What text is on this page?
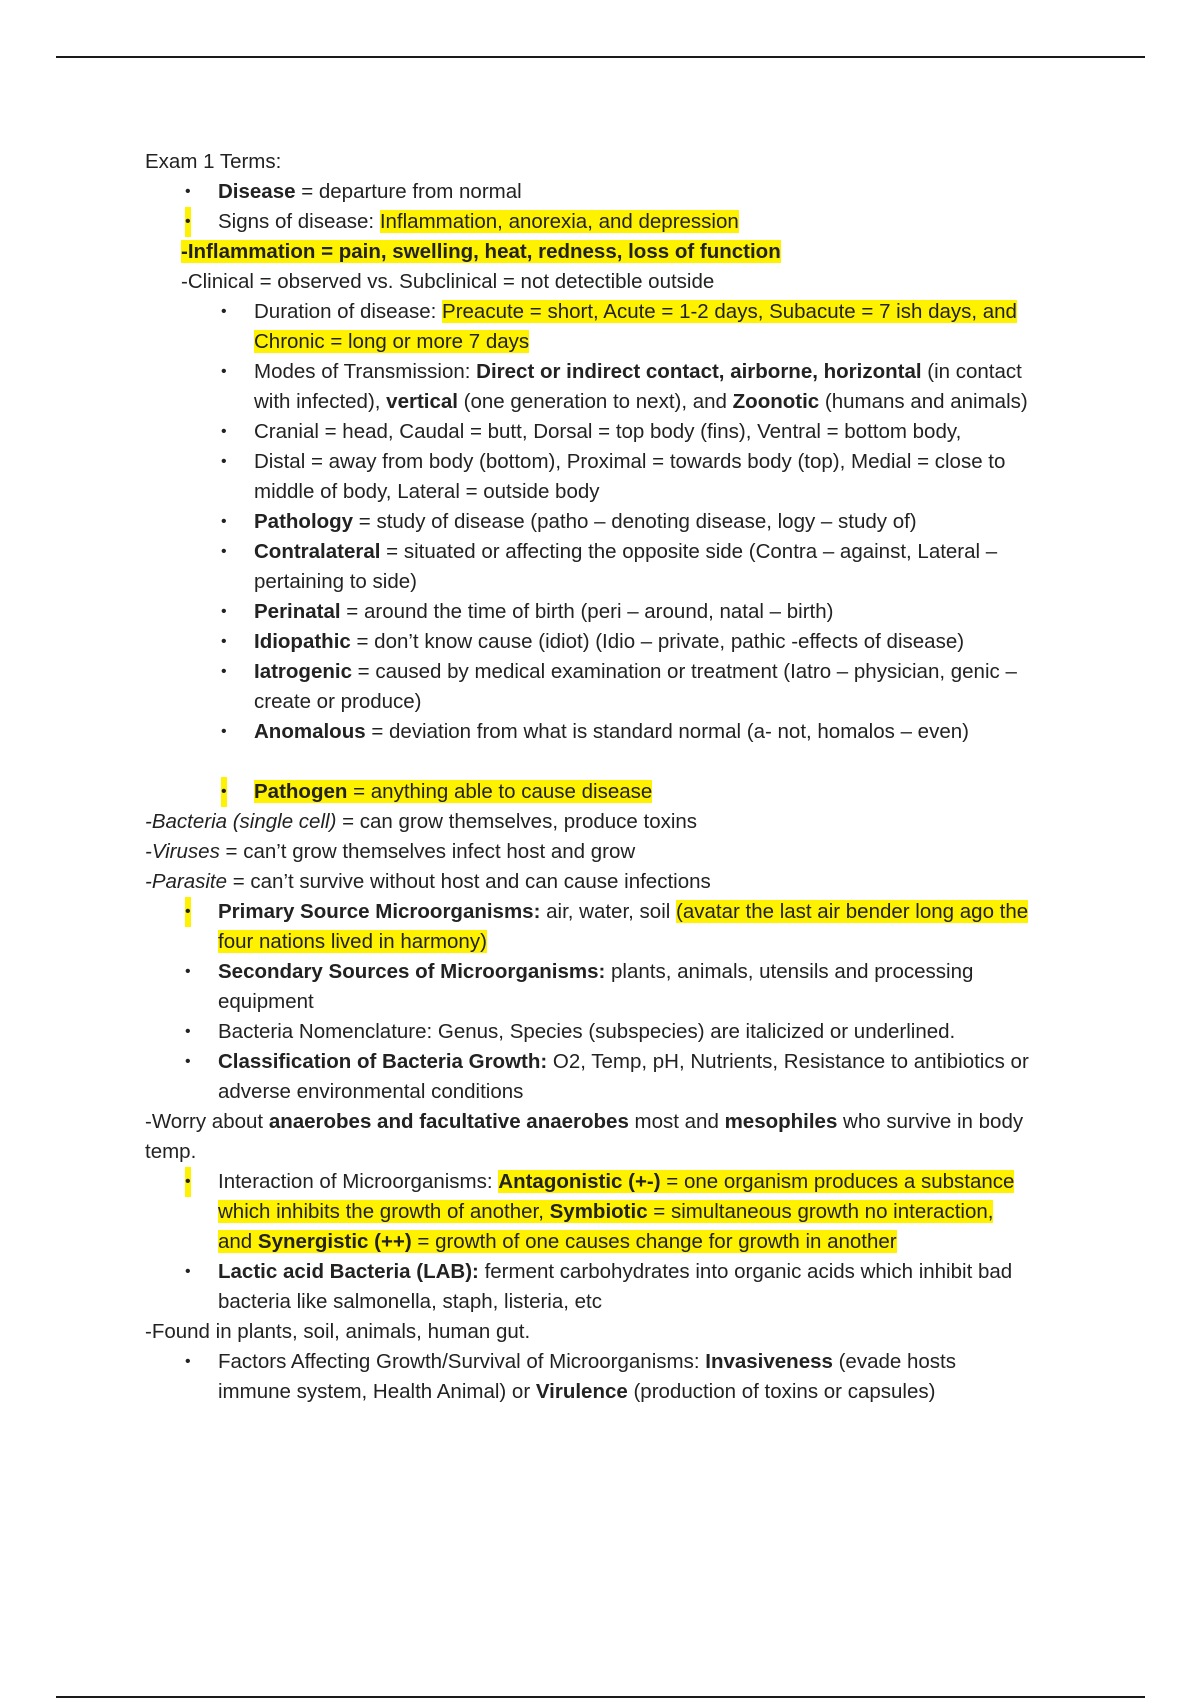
Exam 1 Terms:
• Disease = departure from normal
• Signs of disease: Inflammation, anorexia, and depression
-Inflammation = pain, swelling, heat, redness, loss of function
-Clinical = observed vs. Subclinical = not detectible outside
• Duration of disease: Preacute = short, Acute = 1-2 days, Subacute = 7 ish days, and
Chronic = long or more 7 days
• Modes of Transmission: Direct or indirect contact, airborne, horizontal (in contact
with infected), vertical (one generation to next), and Zoonotic (humans and animals)
• Cranial = head, Caudal = butt, Dorsal = top body (fins), Ventral = bottom body,
• Distal = away from body (bottom), Proximal = towards body (top), Medial = close to
middle of body, Lateral = outside body
• Pathology = study of disease (patho – denoting disease, logy – study of)
• Contralateral = situated or affecting the opposite side (Contra – against, Lateral –
pertaining to side)
• Perinatal = around the time of birth (peri – around, natal – birth)
• Idiopathic = don’t know cause (idiot) (Idio – private, pathic -effects of disease)
• Iatrogenic = caused by medical examination or treatment (Iatro – physician, genic –
create or produce)
• Anomalous = deviation from what is standard normal (a- not, homalos – even)
• Pathogen = anything able to cause disease
-Bacteria (single cell) = can grow themselves, produce toxins
-Viruses = can’t grow themselves infect host and grow
-Parasite = can’t survive without host and can cause infections
• Primary Source Microorganisms: air, water, soil (avatar the last air bender long ago the
four nations lived in harmony)
• Secondary Sources of Microorganisms: plants, animals, utensils and processing
equipment
• Bacteria Nomenclature: Genus, Species (subspecies) are italicized or underlined.
• Classification of Bacteria Growth: O2, Temp, pH, Nutrients, Resistance to antibiotics or
adverse environmental conditions
-Worry about anaerobes and facultative anaerobes most and mesophiles who survive in body
temp.
• Interaction of Microorganisms: Antagonistic (+-) = one organism produces a substance
which inhibits the growth of another, Symbiotic = simultaneous growth no interaction,
and Synergistic (++) = growth of one causes change for growth in another
• Lactic acid Bacteria (LAB): ferment carbohydrates into organic acids which inhibit bad
bacteria like salmonella, staph, listeria, etc
-Found in plants, soil, animals, human gut.
• Factors Affecting Growth/Survival of Microorganisms: Invasiveness (evade hosts
immune system, Health Animal) or Virulence (production of toxins or capsules)
